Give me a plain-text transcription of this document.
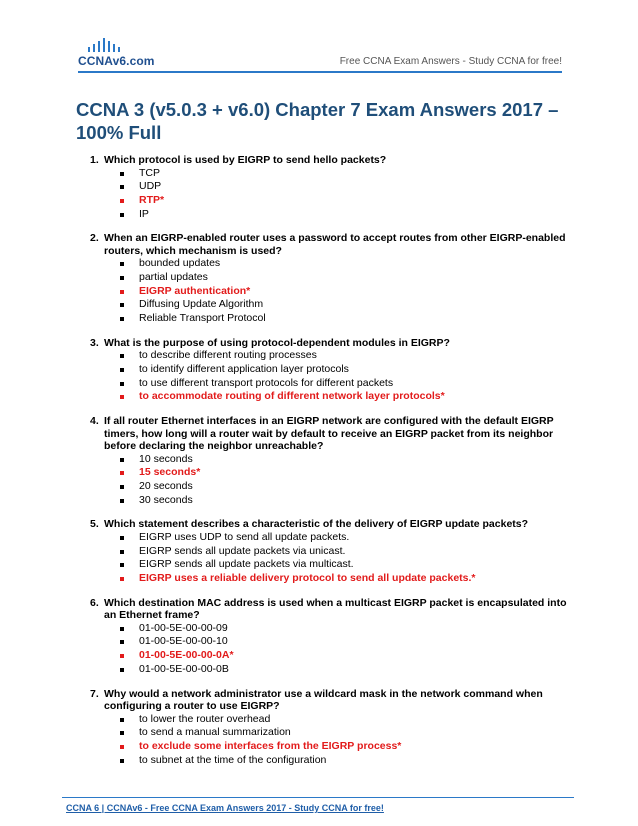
CCNAv6.com	Free CCNA Exam Answers - Study CCNA for free!
CCNA 3 (v5.0.3 + v6.0) Chapter 7 Exam Answers 2017 – 100% Full
1. Which protocol is used by EIGRP to send hello packets?
TCP
UDP
RTP*
IP
2. When an EIGRP-enabled router uses a password to accept routes from other EIGRP-enabled routers, which mechanism is used?
bounded updates
partial updates
EIGRP authentication*
Diffusing Update Algorithm
Reliable Transport Protocol
3. What is the purpose of using protocol-dependent modules in EIGRP?
to describe different routing processes
to identify different application layer protocols
to use different transport protocols for different packets
to accommodate routing of different network layer protocols*
4. If all router Ethernet interfaces in an EIGRP network are configured with the default EIGRP timers, how long will a router wait by default to receive an EIGRP packet from its neighbor before declaring the neighbor unreachable?
10 seconds
15 seconds*
20 seconds
30 seconds
5. Which statement describes a characteristic of the delivery of EIGRP update packets?
EIGRP uses UDP to send all update packets.
EIGRP sends all update packets via unicast.
EIGRP sends all update packets via multicast.
EIGRP uses a reliable delivery protocol to send all update packets.*
6. Which destination MAC address is used when a multicast EIGRP packet is encapsulated into an Ethernet frame?
01-00-5E-00-00-09
01-00-5E-00-00-10
01-00-5E-00-00-0A*
01-00-5E-00-00-0B
7. Why would a network administrator use a wildcard mask in the network command when configuring a router to use EIGRP?
to lower the router overhead
to send a manual summarization
to exclude some interfaces from the EIGRP process*
to subnet at the time of the configuration
CCNA 6 | CCNAv6 - Free CCNA Exam Answers 2017 - Study CCNA for free!
